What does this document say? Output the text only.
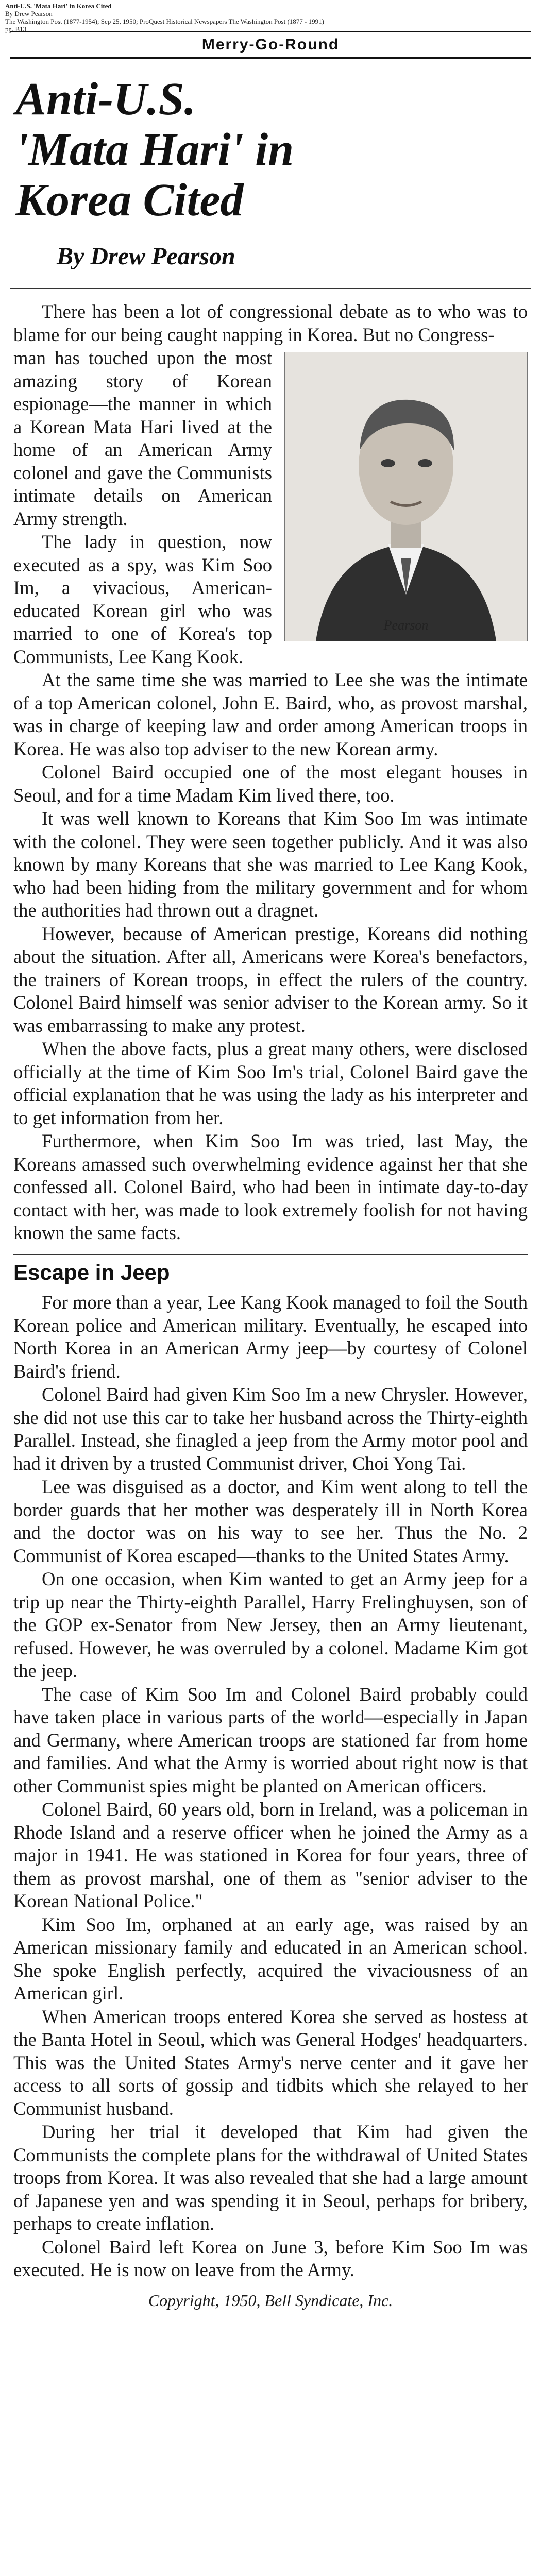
Anti-U.S. 'Mata Hari' in Korea Cited
By Drew Pearson
The Washington Post (1877-1954); Sep 25, 1950; ProQuest Historical Newspapers The Washington Post (1877 - 1991)
pg. B13
Merry-Go-Round
Anti-U.S.
'Mata Hari' in
Korea Cited
By Drew Pearson

There has been a lot of congressional debate as to who was to blame for our being caught napping in Korea. But no Congress-

Pearson

man has touched upon the most amazing story of Korean espionage—the manner in which a Korean Mata Hari lived at the home of an American Army colonel and gave the Communists intimate details on American Army strength.

The lady in question, now executed as a spy, was Kim Soo Im, a vivacious, American-educated Korean girl who was married to one of Korea's top Communists, Lee Kang Kook.

At the same time she was married to Lee she was the intimate of a top American colonel, John E. Baird, who, as provost marshal, was in charge of keeping law and order among American troops in Korea. He was also top adviser to the new Korean army.

Colonel Baird occupied one of the most elegant houses in Seoul, and for a time Madam Kim lived there, too.

It was well known to Koreans that Kim Soo Im was intimate with the colonel. They were seen together publicly. And it was also known by many Koreans that she was married to Lee Kang Kook, who had been hiding from the military government and for whom the authorities had thrown out a dragnet.

However, because of American prestige, Koreans did nothing about the situation. After all, Americans were Korea's benefactors, the trainers of Korean troops, in effect the rulers of the country. Colonel Baird himself was senior adviser to the Korean army. So it was embarrassing to make any protest.

When the above facts, plus a great many others, were disclosed officially at the time of Kim Soo Im's trial, Colonel Baird gave the official explanation that he was using the lady as his interpreter and to get information from her.

Furthermore, when Kim Soo Im was tried, last May, the Koreans amassed such overwhelming evidence against her that she confessed all. Colonel Baird, who had been in intimate day-to-day contact with her, was made to look extremely foolish for not having known the same facts.

Escape in Jeep

For more than a year, Lee Kang Kook managed to foil the South Korean police and American military. Eventually, he escaped into North Korea in an American Army jeep—by courtesy of Colonel Baird's friend.

Colonel Baird had given Kim Soo Im a new Chrysler. However, she did not use this car to take her husband across the Thirty-eighth Parallel. Instead, she finagled a jeep from the Army motor pool and had it driven by a trusted Communist driver, Choi Yong Tai.

Lee was disguised as a doctor, and Kim went along to tell the border guards that her mother was desperately ill in North Korea and the doctor was on his way to see her. Thus the No. 2 Communist of Korea escaped—thanks to the United States Army.

On one occasion, when Kim wanted to get an Army jeep for a trip up near the Thirty-eighth Parallel, Harry Frelinghuysen, son of the GOP ex-Senator from New Jersey, then an Army lieutenant, refused. However, he was overruled by a colonel. Madame Kim got the jeep.

The case of Kim Soo Im and Colonel Baird probably could have taken place in various parts of the world—especially in Japan and Germany, where American troops are stationed far from home and families. And what the Army is worried about right now is that other Communist spies might be planted on American officers.

Colonel Baird, 60 years old, born in Ireland, was a policeman in Rhode Island and a reserve officer when he joined the Army as a major in 1941. He was stationed in Korea for four years, three of them as provost marshal, one of them as "senior adviser to the Korean National Police."

Kim Soo Im, orphaned at an early age, was raised by an American missionary family and educated in an American school. She spoke English perfectly, acquired the vivaciousness of an American girl.

When American troops entered Korea she served as hostess at the Banta Hotel in Seoul, which was General Hodges' headquarters. This was the United States Army's nerve center and it gave her access to all sorts of gossip and tidbits which she relayed to her Communist husband.

During her trial it developed that Kim had given the Communists the complete plans for the withdrawal of United States troops from Korea. It was also revealed that she had a large amount of Japanese yen and was spending it in Seoul, perhaps for bribery, perhaps to create inflation.

Colonel Baird left Korea on June 3, before Kim Soo Im was executed. He is now on leave from the Army.

Copyright, 1950, Bell Syndicate, Inc.
